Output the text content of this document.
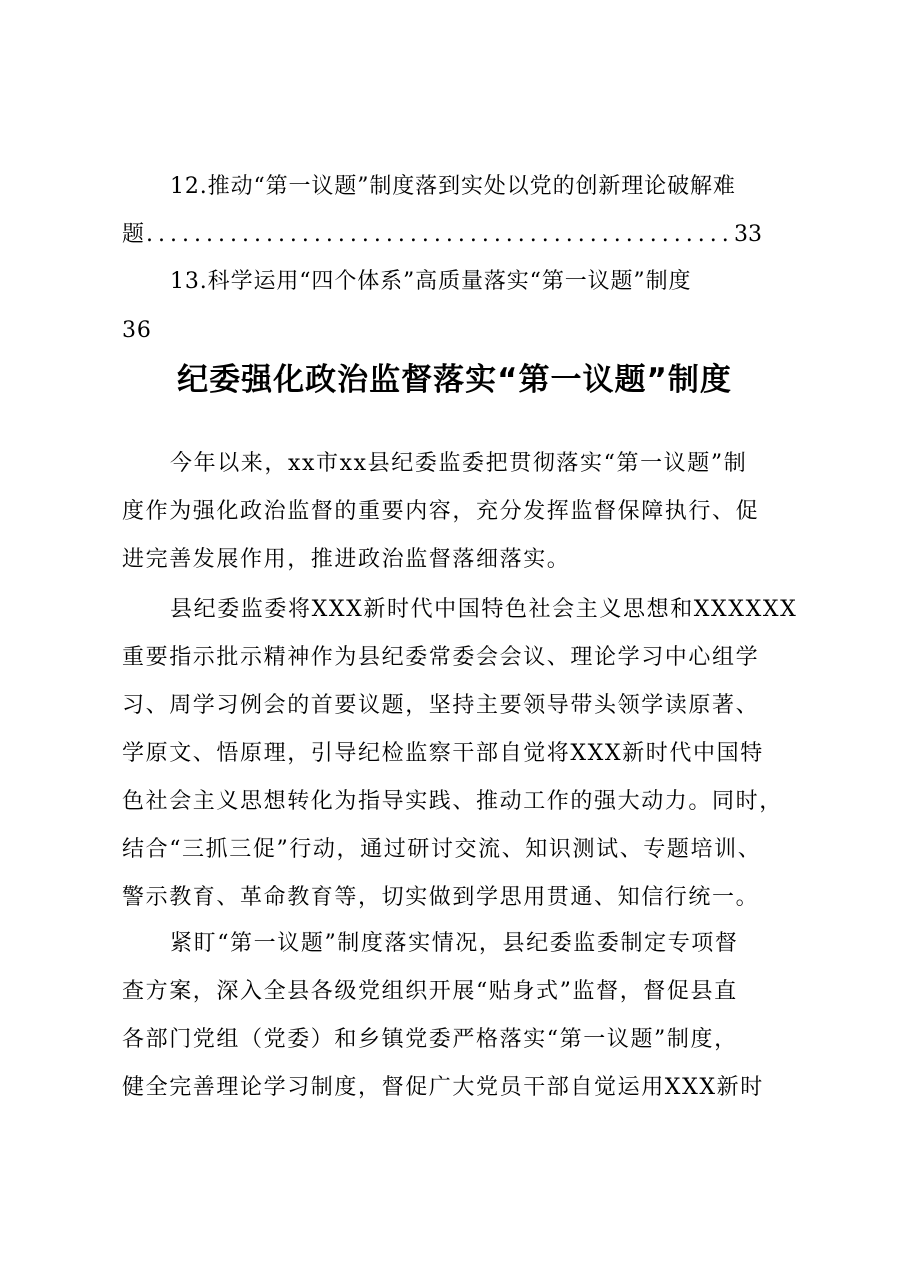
12.推动“第一议题”制度落到实处以党的创新理论破解难
题
.....	33
13.科学运用“四个体系”高质量落实“第一议题”制度
36
纪委强化政治监督落实“第一议题”制度
今年以来，xx市xx县纪委监委把贯彻落实“第一议题”制
度作为强化政治监督的重要内容，充分发挥监督保障执行、促
进完善发展作用，推进政治监督落细落实。
县纪委监委将XXX新时代中国特色社会主义思想和XXXXXX
重要指示批示精神作为县纪委常委会会议、理论学习中心组学
习、周学习例会的首要议题，坚持主要领导带头领学读原著、
学原文、悟原理，引导纪检监察干部自觉将XXX新时代中国特
色社会主义思想转化为指导实践、推动工作的强大动力。同时，
结合“三抓三促”行动，通过研讨交流、知识测试、专题培训、
警示教育、革命教育等，切实做到学思用贯通、知信行统一。
紧盯“第一议题”制度落实情况，县纪委监委制定专项督
查方案，深入全县各级党组织开展“贴身式”监督，督促县直
各部门党组（党委）和乡镇党委严格落实“第一议题”制度，
健全完善理论学习制度，督促广大党员干部自觉运用XXX新时
